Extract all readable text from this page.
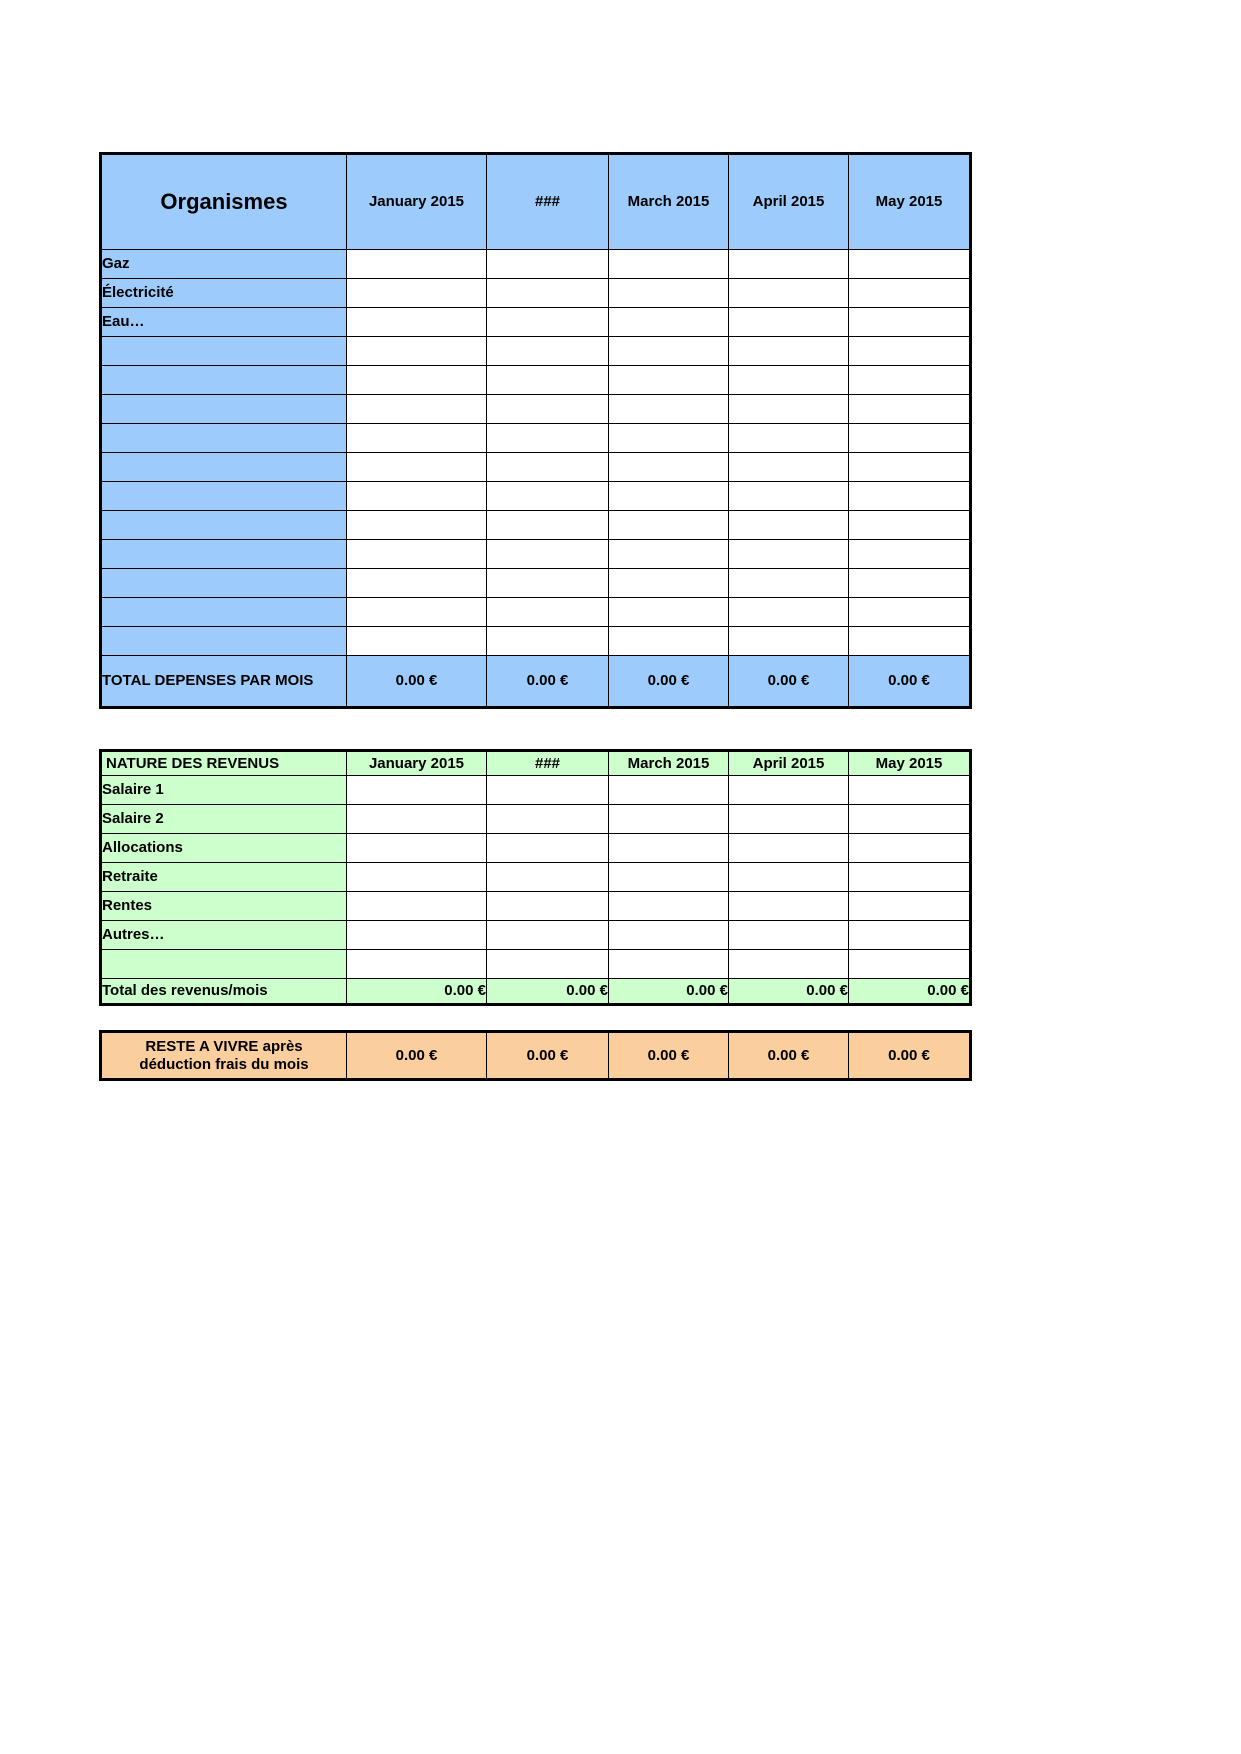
Organismes	January 2015	###	March 2015	April 2015	May 2015
Gaz					
Électricité					
Eau…					

TOTAL DEPENSES PAR MOIS	0.00 €	0.00 €	0.00 €	0.00 €	0.00 €
NATURE DES REVENUS	January 2015	###	March 2015	April 2015	May 2015
Salaire 1					
Salaire 2					
Allocations					
Retraite					
Rentes					
Autres…					

Total des revenus/mois	0.00 €	0.00 €	0.00 €	0.00 €	0.00 €
RESTE A VIVRE après
déduction frais du mois	0.00 €	0.00 €	0.00 €	0.00 €	0.00 €
